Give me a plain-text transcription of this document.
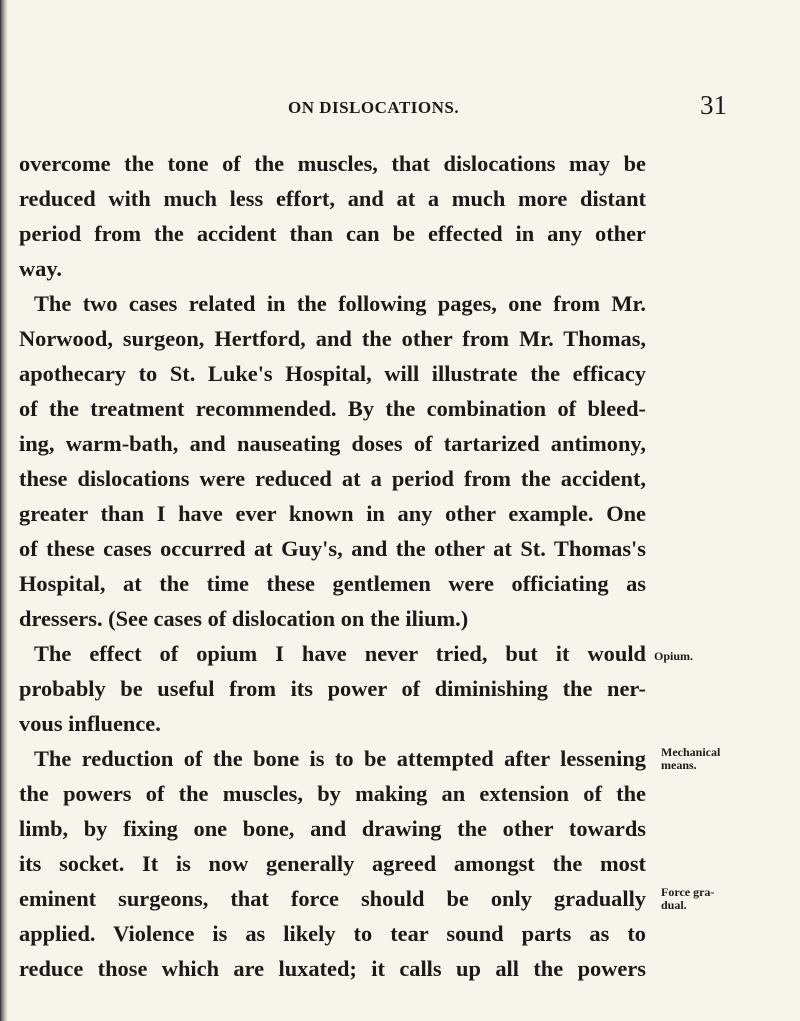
ON DISLOCATIONS.	31
overcome the tone of the muscles, that dislocations may be
reduced with much less effort, and at a much more distant
period from the accident than can be effected in any other
way.
The two cases related in the following pages, one from Mr.
Norwood, surgeon, Hertford, and the other from Mr. Thomas,
apothecary to St. Luke's Hospital, will illustrate the efficacy
of the treatment recommended. By the combination of bleed-
ing, warm-bath, and nauseating doses of tartarized antimony,
these dislocations were reduced at a period from the accident,
greater than I have ever known in any other example. One
of these cases occurred at Guy's, and the other at St. Thomas's
Hospital, at the time these gentlemen were officiating as
dressers. (See cases of dislocation on the ilium.)
The effect of opium I have never tried, but it would
probably be useful from its power of diminishing the ner-
vous influence.
The reduction of the bone is to be attempted after lessening
the powers of the muscles, by making an extension of the
limb, by fixing one bone, and drawing the other towards
its socket. It is now generally agreed amongst the most
eminent surgeons, that force should be only gradually
applied. Violence is as likely to tear sound parts as to
reduce those which are luxated; it calls up all the powers
Opium.
Mechanical
means.
Force gra-
dual.
